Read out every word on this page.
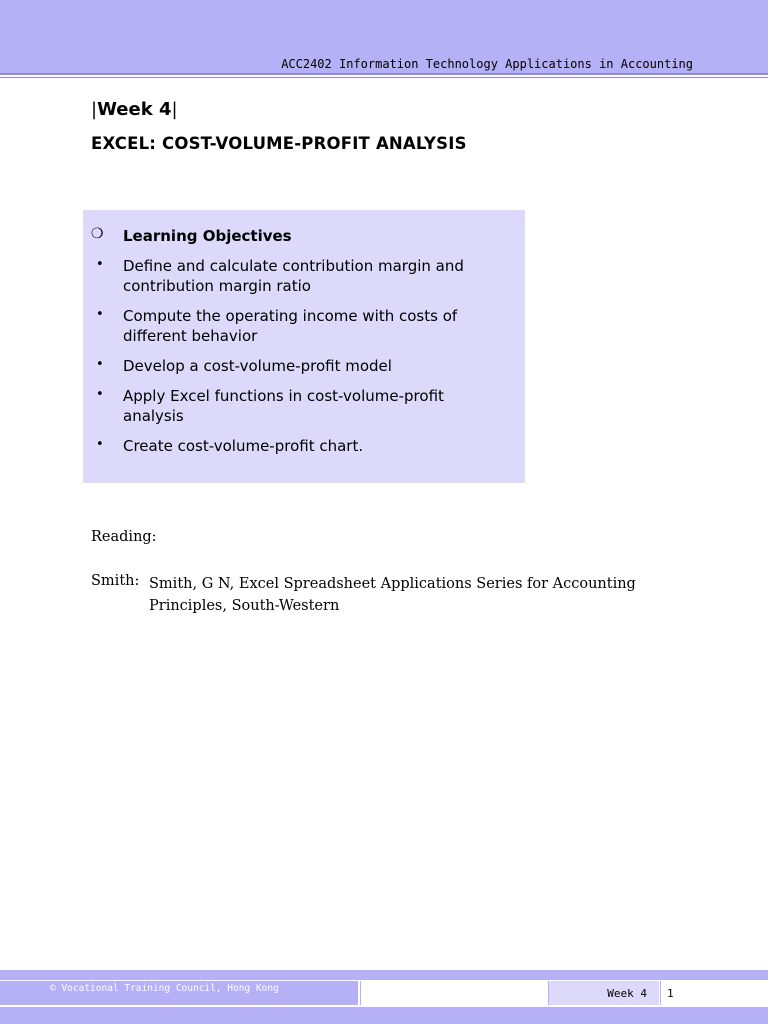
ACC2402 Information Technology Applications in Accounting
|Week 4|
EXCEL: COST-VOLUME-PROFIT ANALYSIS
❍ Learning Objectives
• Define and calculate contribution margin and contribution margin ratio
• Compute the operating income with costs of different behavior
• Develop a cost-volume-profit model
• Apply Excel functions in cost-volume-profit analysis
• Create cost-volume-profit chart.
Reading:
Smith: Smith, G N, Excel Spreadsheet Applications Series for Accounting Principles, South-Western
© Vocational Training Council, Hong Kong	Week 4 1
